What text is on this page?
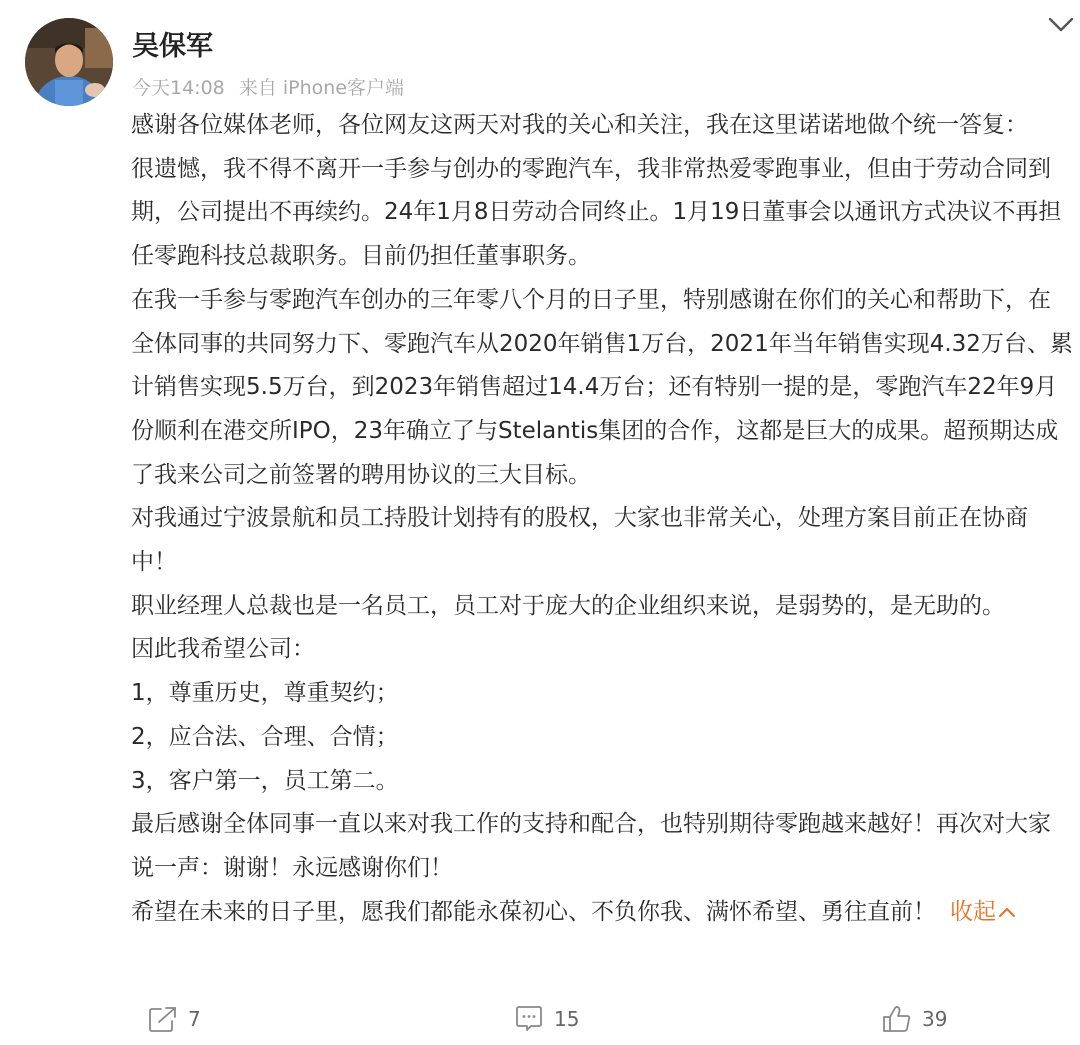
吴保军
今天14:08 来自 iPhone客户端

感谢各位媒体老师，各位网友这两天对我的关心和关注，我在这里诺诺地做个统一答复：

很遗憾，我不得不离开一手参与创办的零跑汽车，我非常热爱零跑事业，但由于劳动合同到期，公司提出不再续约。24年1月8日劳动合同终止。1月19日董事会以通讯方式决议不再担任零跑科技总裁职务。目前仍担任董事职务。

在我一手参与零跑汽车创办的三年零八个月的日子里，特别感谢在你们的关心和帮助下，在全体同事的共同努力下、零跑汽车从2020年销售1万台，2021年当年销售实现4.32万台、累计销售实现5.5万台，到2023年销售超过14.4万台；还有特别一提的是，零跑汽车22年9月份顺利在港交所IPO，23年确立了与Stelantis集团的合作，这都是巨大的成果。超预期达成了我来公司之前签署的聘用协议的三大目标。

对我通过宁波景航和员工持股计划持有的股权，大家也非常关心，处理方案目前正在协商中！

职业经理人总裁也是一名员工，员工对于庞大的企业组织来说，是弱势的，是无助的。

因此我希望公司：

1，尊重历史，尊重契约；

2，应合法、合理、合情；

3，客户第一，员工第二。

最后感谢全体同事一直以来对我工作的支持和配合，也特别期待零跑越来越好！再次对大家说一声：谢谢！永远感谢你们！

希望在未来的日子里，愿我们都能永葆初心、不负你我、满怀希望、勇往直前！ 收起

7	15	39
